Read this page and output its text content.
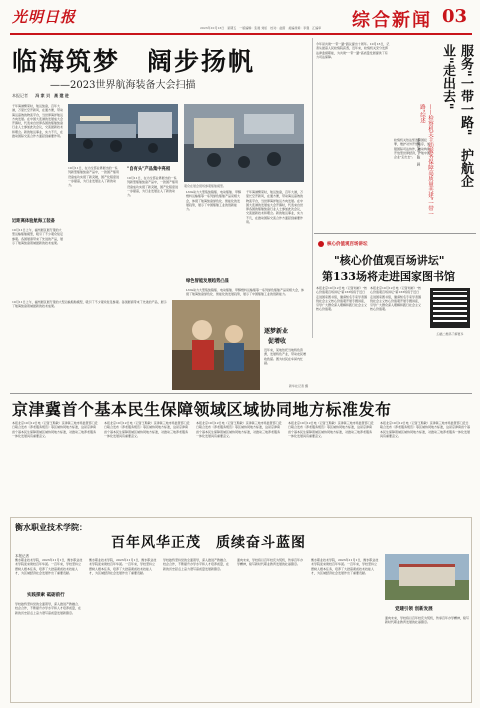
光明日报	综合新闻 03
2023年10月13日　星期五　一版编辑：张晨 刘炬　校对：赵蔚　美编视频：李强　汇编审
临海筑梦　阔步扬帆
——2023世界航海装备大会扫描
本报记者 冯 家 贝　高 建 进
千年海港繁荣时，航运装备，百年大港，万里长空开新风，在通方便，带动海运高效的物流平台，当世界海洋航运方向发展。在中国大连港的发展成大会开幕时，代表来自世界各国的船舶装备行业人士参加此次会议，交流最新技术和理念。新的航运事业，实力不凡，在推动国际交流合作方面起到重要作用。
近距离体验航海工装备
10月11日上午，福州展区展厅里的大型运输船舶模型，吸引了不少观众驻足参观。各国展商带来了先进的产品，展示了航海装备领域最新的技术成果。
10月11日，在为全部业界展出的一系列新型船舶装备产品中，一款国产船用设备成功实现了新突破，国产化程度进一步提高，为行业发展注入了新的动力。
"自有头"产品集中亮相
10月11日，在为全部业界展出的一系列新型船舶装备产品中，一款国产船用设备成功实现了新突破，国产化程度进一步提高，为行业发展注入了新的动力。
观众在展会现场参观船舶模型。
绿色智能发展趋势凸显
LNG动力大型集装箱船、电动船舶、甲醇燃料运输船等一系列绿色船舶产品亮相大会，体现了航海装备绿色化、智能化的发展趋势，展示了中国船舶工业的创新能力。
千年海港繁荣时，航运装备，百年大港，万里长空开新风，在通方便，带动海运高效的物流平台，当世界海洋航运方向发展。在中国大连港的发展成大会开幕时，代表来自世界各国的船舶装备行业人士参加此次会议，交流最新技术和理念。新的航运事业，实力不凡，在推动国际交流合作方面起到重要作用。
LNG动力大型集装箱船、电动船舶、甲醇燃料运输船等一系列绿色船舶产品亮相大会，体现了航海装备绿色化、智能化的发展趋势，展示了中国船舶工业的创新能力。
今年是共建"一带一路"倡议提出十周年。10月13日，记者从最高人民检察院获悉，近年来，检察机关充分发挥法律监督职能，为共建"一带一路"高质量发展提供了有力司法保障。
检察机关依法惩治跨国犯罪，维护对外开放秩序，加强国际司法协作，推动构建开放型世界经济，护航中国企业"走出去"。	服务"一带一路"　护航企业"走出去"
——检察机关主动服务保障高质量共建"一带一路"综述
本报记者　陈　晨
核心价值观百场讲坛
"核心价值观百场讲坛"
第133场将走进国家图书馆
本报北京10月12日电（记者刘彬）"核心价值观百场讲坛"第133场将于近日走进国家图书馆，邀请知名专家学者围绕社会主义核心价值观开展专题讲座，引导广大群众深入理解和践行社会主义核心价值观。
本报北京10月12日电（记者刘彬）"核心价值观百场讲坛"第133场将于近日走进国家图书馆，邀请知名专家学者围绕社会主义核心价值观开展专题讲座，引导广大群众深入理解和践行社会主义核心价值观。
扫描二维码了解更多
逐梦新业
促增收
近年来，某地依托当地特色资源，发展特色产业，带动农民增收致富。图为村民在车间内忙碌。
新华社记者 摄
10月11日上午，福州展区展厅里的大型运输船舶模型，吸引了不少观众驻足参观。各国展商带来了先进的产品，展示了航海装备领域最新的技术成果。
京津冀首个基本民生保障领域区域协同地方标准发布
本报北京10月12日电（记者王斯敏）京津冀三地市场监管部门近日联合发布《养老服务规范》等区域协同地方标准，这是京津冀首个基本民生保障领域区域协同地方标准，对推动三地养老服务一体化发展具有重要意义。
本报北京10月12日电（记者王斯敏）京津冀三地市场监管部门近日联合发布《养老服务规范》等区域协同地方标准，这是京津冀首个基本民生保障领域区域协同地方标准，对推动三地养老服务一体化发展具有重要意义。
本报北京10月12日电（记者王斯敏）京津冀三地市场监管部门近日联合发布《养老服务规范》等区域协同地方标准，这是京津冀首个基本民生保障领域区域协同地方标准，对推动三地养老服务一体化发展具有重要意义。
本报北京10月12日电（记者王斯敏）京津冀三地市场监管部门近日联合发布《养老服务规范》等区域协同地方标准，这是京津冀首个基本民生保障领域区域协同地方标准，对推动三地养老服务一体化发展具有重要意义。
本报北京10月12日电（记者王斯敏）京津冀三地市场监管部门近日联合发布《养老服务规范》等区域协同地方标准，这是京津冀首个基本民生保障领域区域协同地方标准，对推动三地养老服务一体化发展具有重要意义。
衡水职业技术学院：
百年风华正茂　质续奋斗蓝图
本报记者
衡水职业技术学院，2023年11月1日，衡水职业技术学院迎来建校百年华诞。一百年来，学校坚持立德树人根本任务，培养了大批高素质技术技能人才，为区域经济社会发展作出了重要贡献。
实践探索 砥砺前行
学校始终坚持党的全面领导，深入推进产教融合、校企合作，不断提升办学水平和人才培养质量，在新的历史起点上奋力谱写高质量发展新篇章。
衡水职业技术学院，2023年11月1日，衡水职业技术学院迎来建校百年华诞。一百年来，学校坚持立德树人根本任务，培养了大批高素质技术技能人才，为区域经济社会发展作出了重要贡献。
学校始终坚持党的全面领导，深入推进产教融合、校企合作，不断提升办学水平和人才培养质量，在新的历史起点上奋力谱写高质量发展新篇章。
面向未来，学校将以百年校庆为契机，传承百年办学精神，续写新时代职业教育发展的壮丽篇章。
衡水职业技术学院，2023年11月1日，衡水职业技术学院迎来建校百年华诞。一百年来，学校坚持立德树人根本任务，培养了大批高素质技术技能人才，为区域经济社会发展作出了重要贡献。
党建引领 创新发展
面向未来，学校将以百年校庆为契机，传承百年办学精神，续写新时代职业教育发展的壮丽篇章。
